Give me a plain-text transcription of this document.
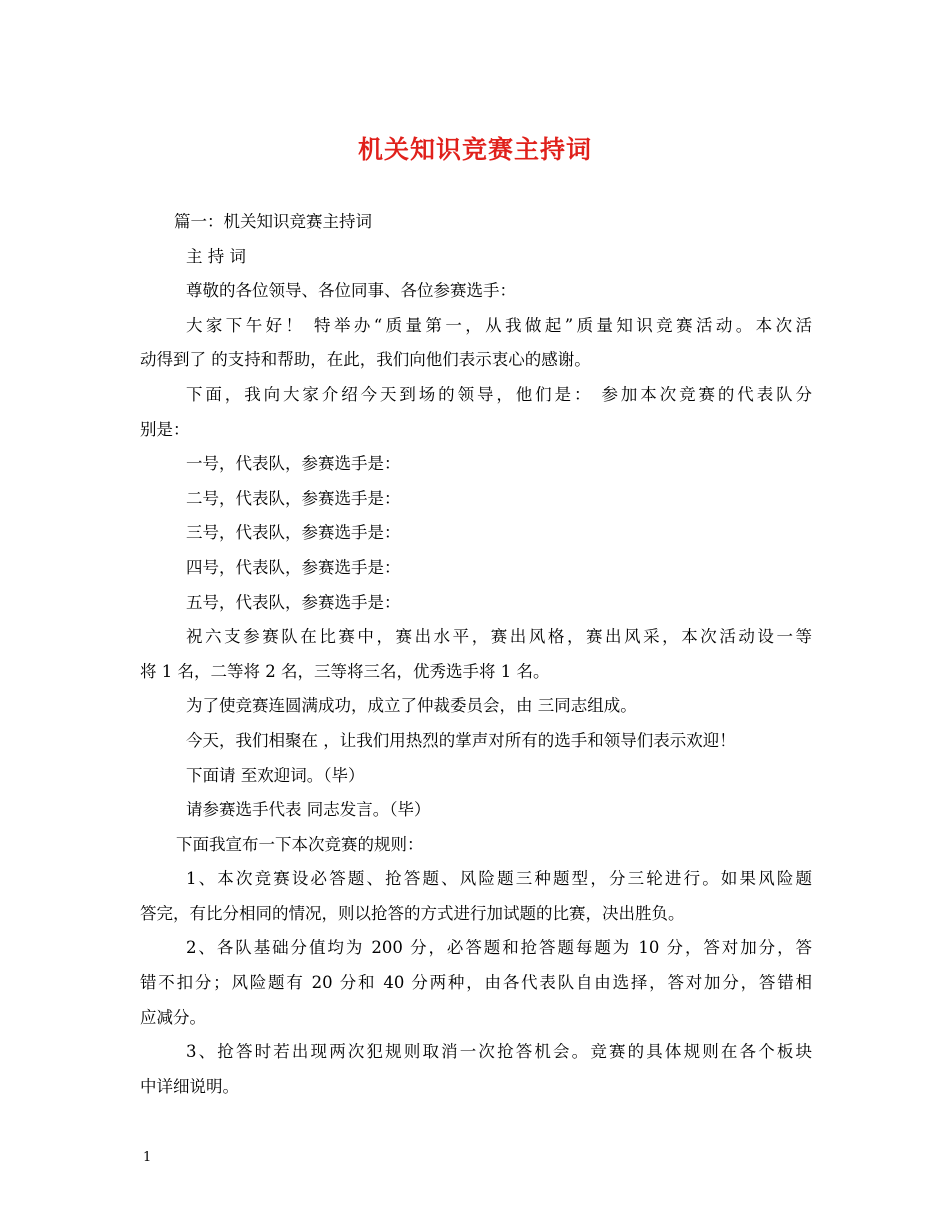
机关知识竞赛主持词
篇一：机关知识竞赛主持词
主 持 词
尊敬的各位领导、各位同事、各位参赛选手：
大家下午好！ 特举办“质量第一，从我做起”质量知识竞赛活动。本次活
动得到了 的支持和帮助，在此，我们向他们表示衷心的感谢。
下面，我向大家介绍今天到场的领导，他们是： 参加本次竞赛的代表队分
别是：
一号，代表队，参赛选手是：
二号，代表队，参赛选手是：
三号，代表队，参赛选手是：
四号，代表队，参赛选手是：
五号，代表队，参赛选手是：
祝六支参赛队在比赛中，赛出水平，赛出风格，赛出风采，本次活动设一等
将 1 名，二等将 2 名，三等将三名，优秀选手将 1 名。
为了使竞赛连圆满成功，成立了仲裁委员会，由 三同志组成。
今天，我们相聚在 ，让我们用热烈的掌声对所有的选手和领导们表示欢迎！
下面请 至欢迎词。（毕）
请参赛选手代表 同志发言。（毕）
下面我宣布一下本次竞赛的规则：
1、本次竞赛设必答题、抢答题、风险题三种题型，分三轮进行。如果风险题
答完，有比分相同的情况，则以抢答的方式进行加试题的比赛，决出胜负。
2、各队基础分值均为 200 分，必答题和抢答题每题为 10 分，答对加分，答
错不扣分；风险题有 20 分和 40 分两种，由各代表队自由选择，答对加分，答错相
应减分。
3、抢答时若出现两次犯规则取消一次抢答机会。竞赛的具体规则在各个板块
中详细说明。
1
